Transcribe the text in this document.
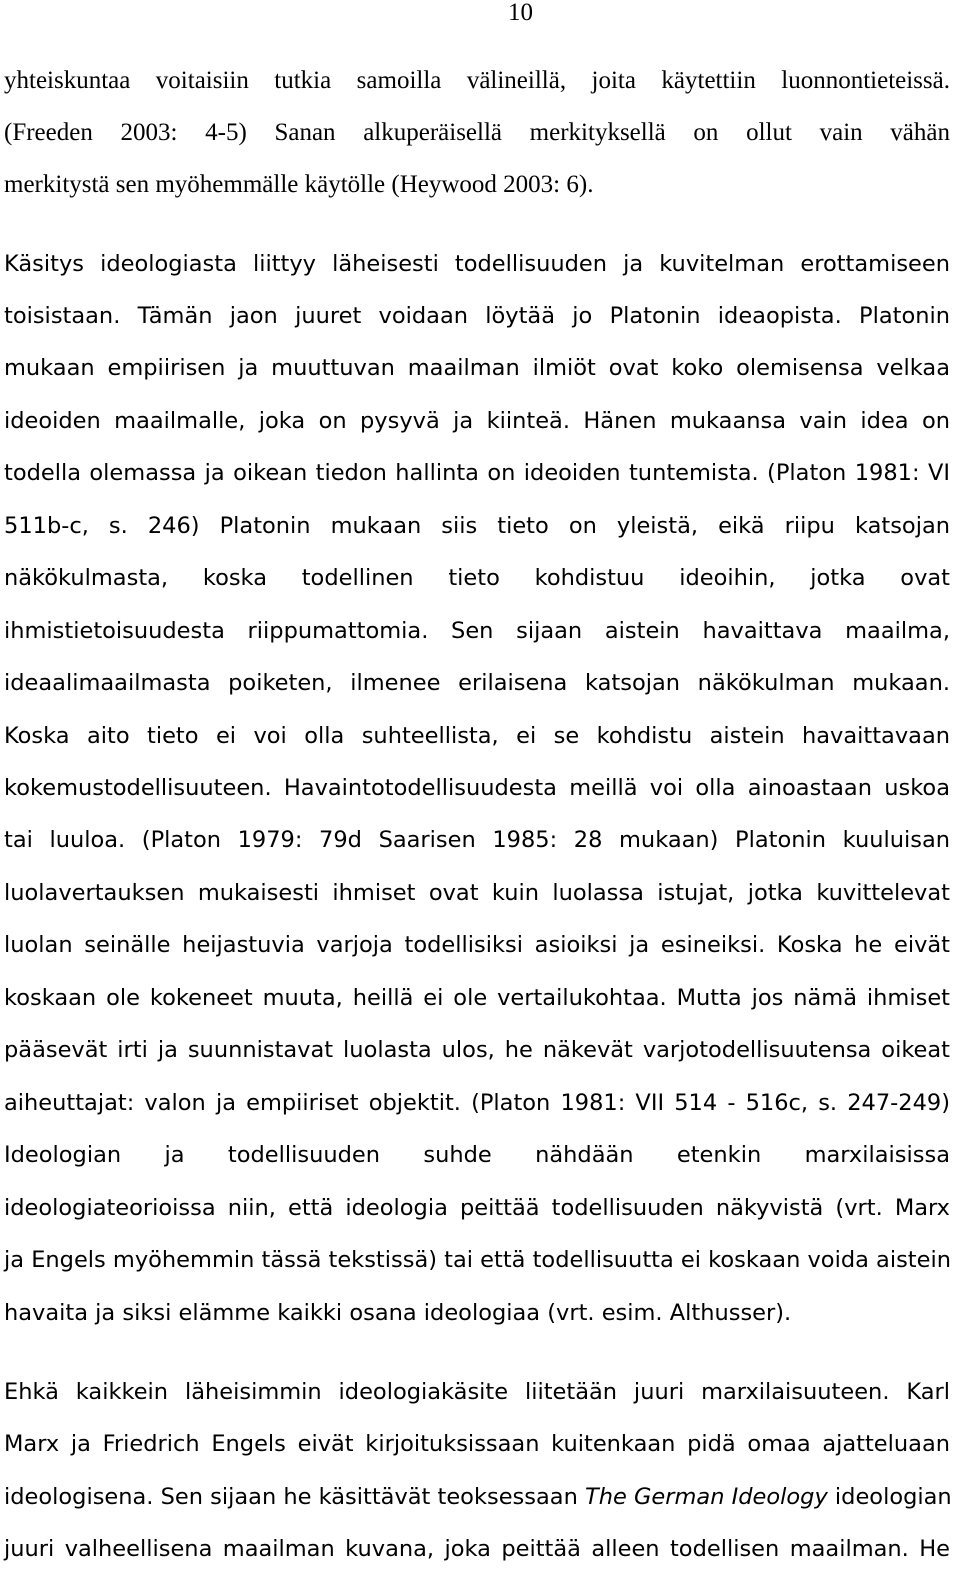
10
yhteiskuntaa voitaisiin tutkia samoilla välineillä, joita käytettiin luonnontieteissä.
(Freeden 2003: 4-5) Sanan alkuperäisellä merkityksellä on ollut vain vähän
merkitystä sen myöhemmälle käytölle (Heywood 2003: 6).
Käsitys ideologiasta liittyy läheisesti todellisuuden ja kuvitelman erottamiseen
toisistaan. Tämän jaon juuret voidaan löytää jo Platonin ideaopista. Platonin
mukaan empiirisen ja muuttuvan maailman ilmiöt ovat koko olemisensa velkaa
ideoiden maailmalle, joka on pysyvä ja kiinteä. Hänen mukaansa vain idea on
todella olemassa ja oikean tiedon hallinta on ideoiden tuntemista. (Platon 1981: VI
511b-c, s. 246) Platonin mukaan siis tieto on yleistä, eikä riipu katsojan
näkökulmasta, koska todellinen tieto kohdistuu ideoihin, jotka ovat
ihmistietoisuudesta riippumattomia. Sen sijaan aistein havaittava maailma,
ideaalimaailmasta poiketen, ilmenee erilaisena katsojan näkökulman mukaan.
Koska aito tieto ei voi olla suhteellista, ei se kohdistu aistein havaittavaan
kokemustodellisuuteen. Havaintotodellisuudesta meillä voi olla ainoastaan uskoa
tai luuloa. (Platon 1979: 79d Saarisen 1985: 28 mukaan) Platonin kuuluisan
luolavertauksen mukaisesti ihmiset ovat kuin luolassa istujat, jotka kuvittelevat
luolan seinälle heijastuvia varjoja todellisiksi asioiksi ja esineiksi. Koska he eivät
koskaan ole kokeneet muuta, heillä ei ole vertailukohtaa. Mutta jos nämä ihmiset
pääsevät irti ja suunnistavat luolasta ulos, he näkevät varjotodellisuutensa oikeat
aiheuttajat: valon ja empiiriset objektit. (Platon 1981: VII 514 - 516c, s. 247-249)
Ideologian ja todellisuuden suhde nähdään etenkin marxilaisissa
ideologiateorioissa niin, että ideologia peittää todellisuuden näkyvistä (vrt. Marx
ja Engels myöhemmin tässä tekstissä) tai että todellisuutta ei koskaan voida aistein
havaita ja siksi elämme kaikki osana ideologiaa (vrt. esim. Althusser).
Ehkä kaikkein läheisimmin ideologiakäsite liitetään juuri marxilaisuuteen. Karl
Marx ja Friedrich Engels eivät kirjoituksissaan kuitenkaan pidä omaa ajatteluaan
ideologisena. Sen sijaan he käsittävät teoksessaan The German Ideology ideologian
juuri valheellisena maailman kuvana, joka peittää alleen todellisen maailman. He
